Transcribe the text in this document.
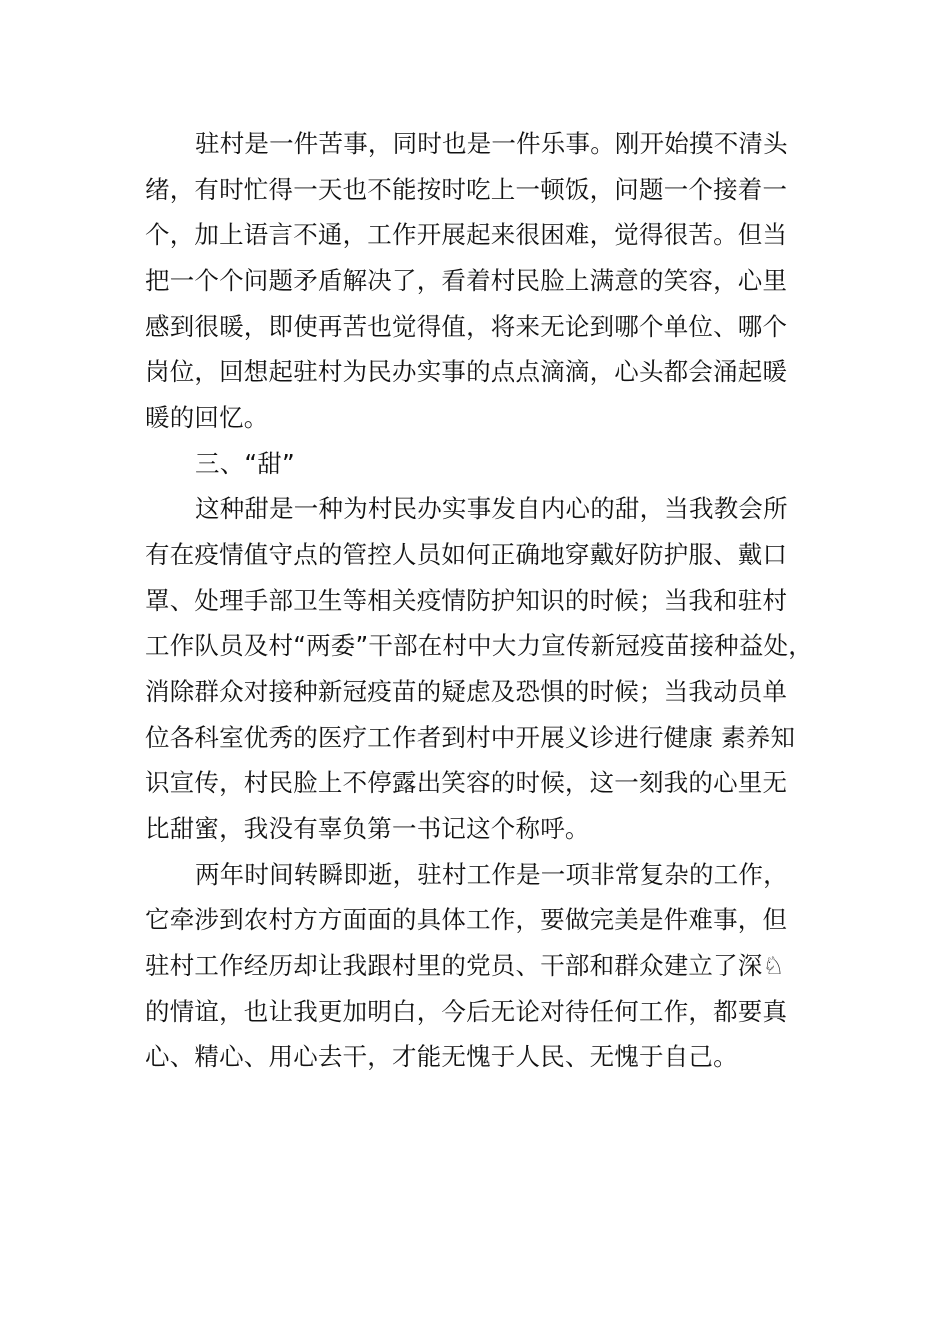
驻村是一件苦事，同时也是一件乐事。刚开始摸不清头
绪，有时忙得一天也不能按时吃上一顿饭，问题一个接着一
个，加上语言不通，工作开展起来很困难，觉得很苦。但当
把一个个问题矛盾解决了，看着村民脸上满意的笑容，心里
感到很暖，即使再苦也觉得值，将来无论到哪个单位、哪个
岗位，回想起驻村为民办实事的点点滴滴，心头都会涌起暖
暖的回忆。
三、“甜”
这种甜是一种为村民办实事发自内心的甜，当我教会所
有在疫情值守点的管控人员如何正确地穿戴好防护服、戴口
罩、处理手部卫生等相关疫情防护知识的时候；当我和驻村
工作队员及村“两委”干部在村中大力宣传新冠疫苗接种益处，
消除群众对接种新冠疫苗的疑虑及恐惧的时候；当我动员单
位各科室优秀的医疗工作者到村中开展义诊进行健康 素养知
识宣传，村民脸上不停露出笑容的时候，这一刻我的心里无
比甜蜜，我没有辜负第一书记这个称呼。
两年时间转瞬即逝，驻村工作是一项非常复杂的工作，
它牵涉到农村方方面面的具体工作，要做完美是件难事，但
驻村工作经历却让我跟村里的党员、干部和群众建立了深♘
的情谊，也让我更加明白，今后无论对待任何工作，都要真
心、精心、用心去干，才能无愧于人民、无愧于自己。
